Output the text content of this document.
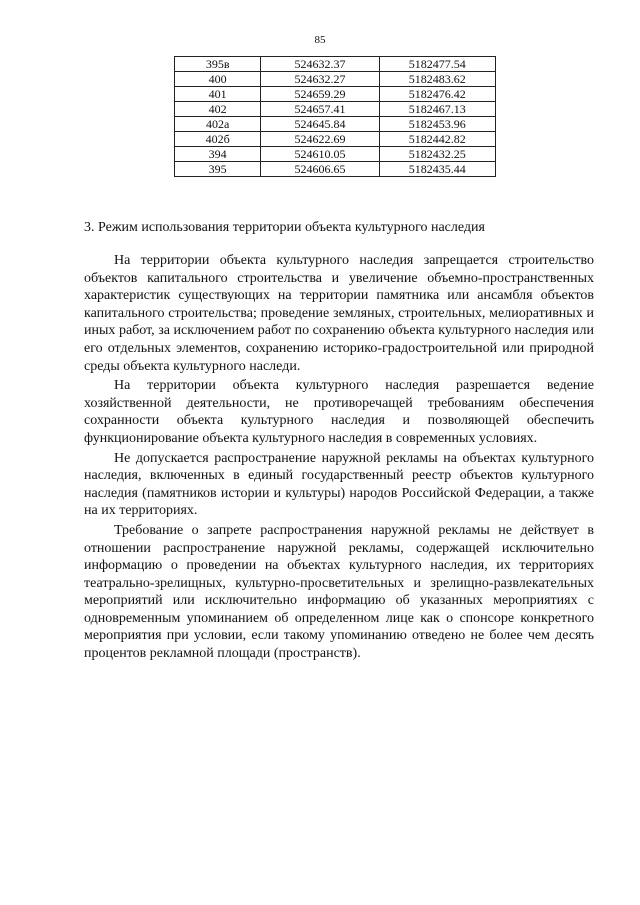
85
395в	524632.37	5182477.54
400	524632.27	5182483.62
401	524659.29	5182476.42
402	524657.41	5182467.13
402а	524645.84	5182453.96
402б	524622.69	5182442.82
394	524610.05	5182432.25
395	524606.65	5182435.44
3. Режим использования территории объекта культурного наследия

На территории объекта культурного наследия запрещается строительство объектов капитального строительства и увеличение объемно-пространственных характеристик существующих на территории памятника или ансамбля объектов капитального строительства; проведение земляных, строительных, мелиоративных и иных работ, за исключением работ по сохранению объекта культурного наследия или его отдельных элементов, сохранению историко-градостроительной или природной среды объекта культурного наследи.

На территории объекта культурного наследия разрешается ведение хозяйственной деятельности, не противоречащей требованиям обеспечения сохранности объекта культурного наследия и позволяющей обеспечить функционирование объекта культурного наследия в современных условиях.

Не допускается распространение наружной рекламы на объектах культурного наследия, включенных в единый государственный реестр объектов культурного наследия (памятников истории и культуры) народов Российской Федерации, а также на их территориях.

Требование о запрете распространения наружной рекламы не действует в отношении распространение наружной рекламы, содержащей исключительно информацию о проведении на объектах культурного наследия, их территориях театрально-зрелищных, культурно-просветительных и зрелищно-развлекательных мероприятий или исключительно информацию об указанных мероприятиях с одновременным упоминанием об определенном лице как о спонсоре конкретного мероприятия при условии, если такому упоминанию отведено не более чем десять процентов рекламной площади (пространств).
